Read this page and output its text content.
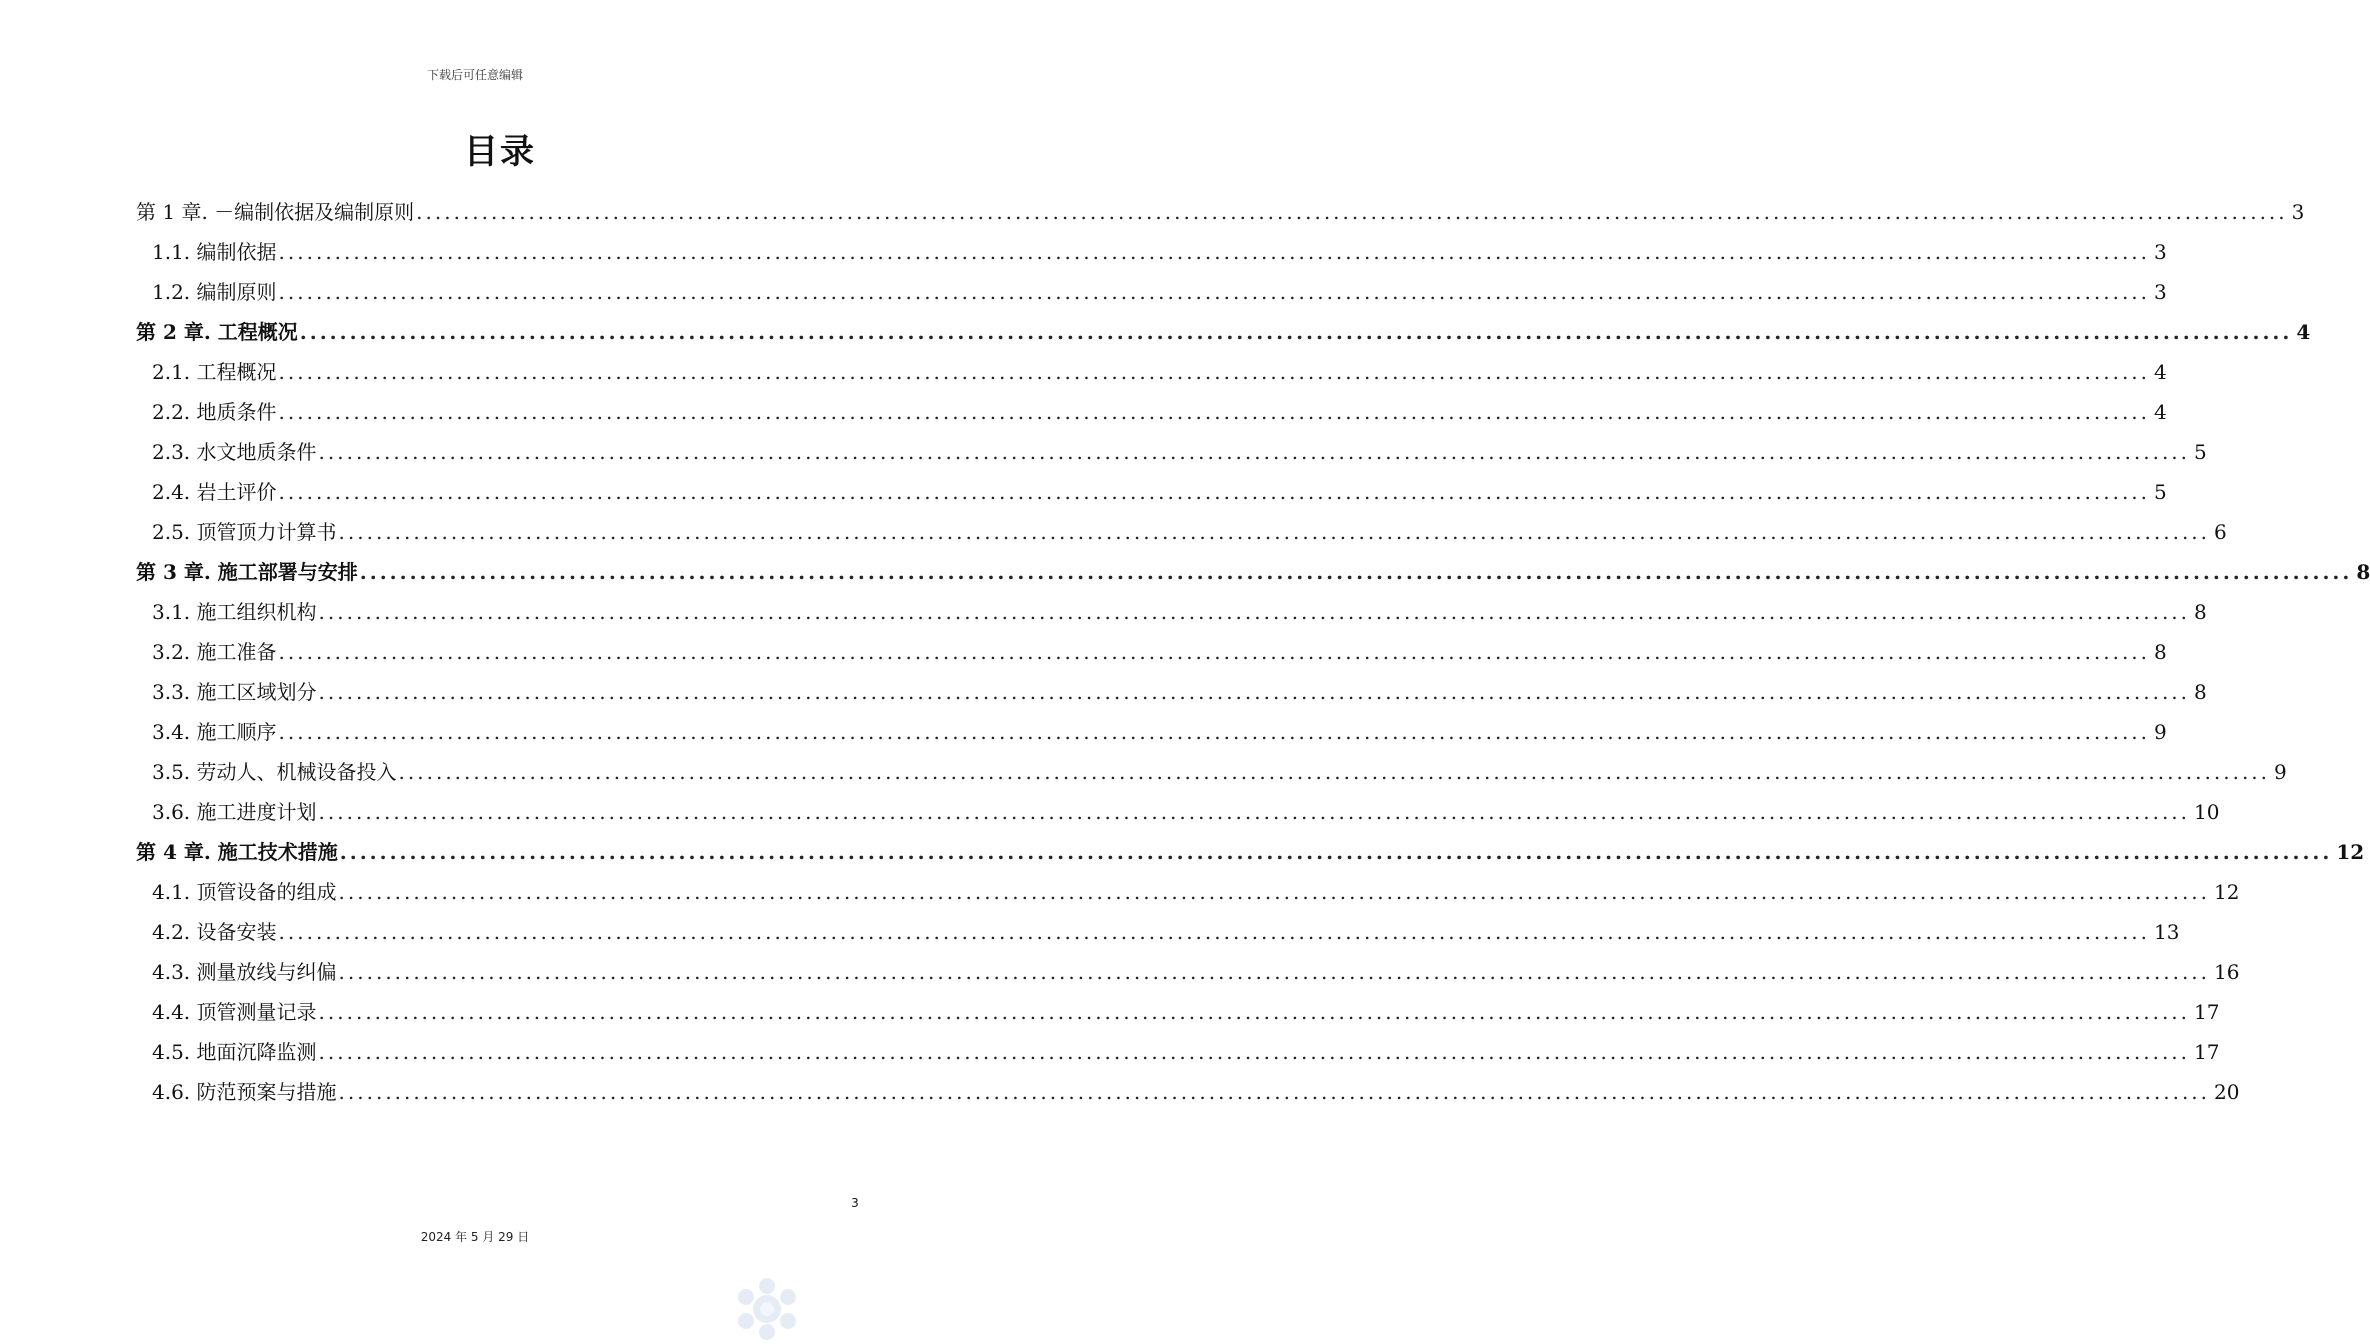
下载后可任意编辑
目录
第 1 章. －编制依据及编制原则 ........................................................................................................................................................................................................ 3
1.1. 编制依据 ........................................................................................................................................................................................................ 3
1.2. 编制原则 ........................................................................................................................................................................................................ 3
第 2 章. 工程概况 ........................................................................................................................................................................................................ 4
2.1. 工程概况 ........................................................................................................................................................................................................ 4
2.2. 地质条件 ........................................................................................................................................................................................................ 4
2.3. 水文地质条件 ........................................................................................................................................................................................................ 5
2.4. 岩土评价 ........................................................................................................................................................................................................ 5
2.5. 顶管顶力计算书 ........................................................................................................................................................................................................ 6
第 3 章. 施工部署与安排 ........................................................................................................................................................................................................ 8
3.1. 施工组织机构 ........................................................................................................................................................................................................ 8
3.2. 施工准备 ........................................................................................................................................................................................................ 8
3.3. 施工区域划分 ........................................................................................................................................................................................................ 8
3.4. 施工顺序 ........................................................................................................................................................................................................ 9
3.5. 劳动人、机械设备投入 ........................................................................................................................................................................................................ 9
3.6. 施工进度计划 ........................................................................................................................................................................................................ 10
第 4 章. 施工技术措施 ........................................................................................................................................................................................................ 12
4.1. 顶管设备的组成 ........................................................................................................................................................................................................ 12
4.2. 设备安装 ........................................................................................................................................................................................................ 13
4.3. 测量放线与纠偏 ........................................................................................................................................................................................................ 16
4.4. 顶管测量记录 ........................................................................................................................................................................................................ 17
4.5. 地面沉降监测 ........................................................................................................................................................................................................ 17
4.6. 防范预案与措施 ........................................................................................................................................................................................................ 20
3
2024 年 5 月 29 日
